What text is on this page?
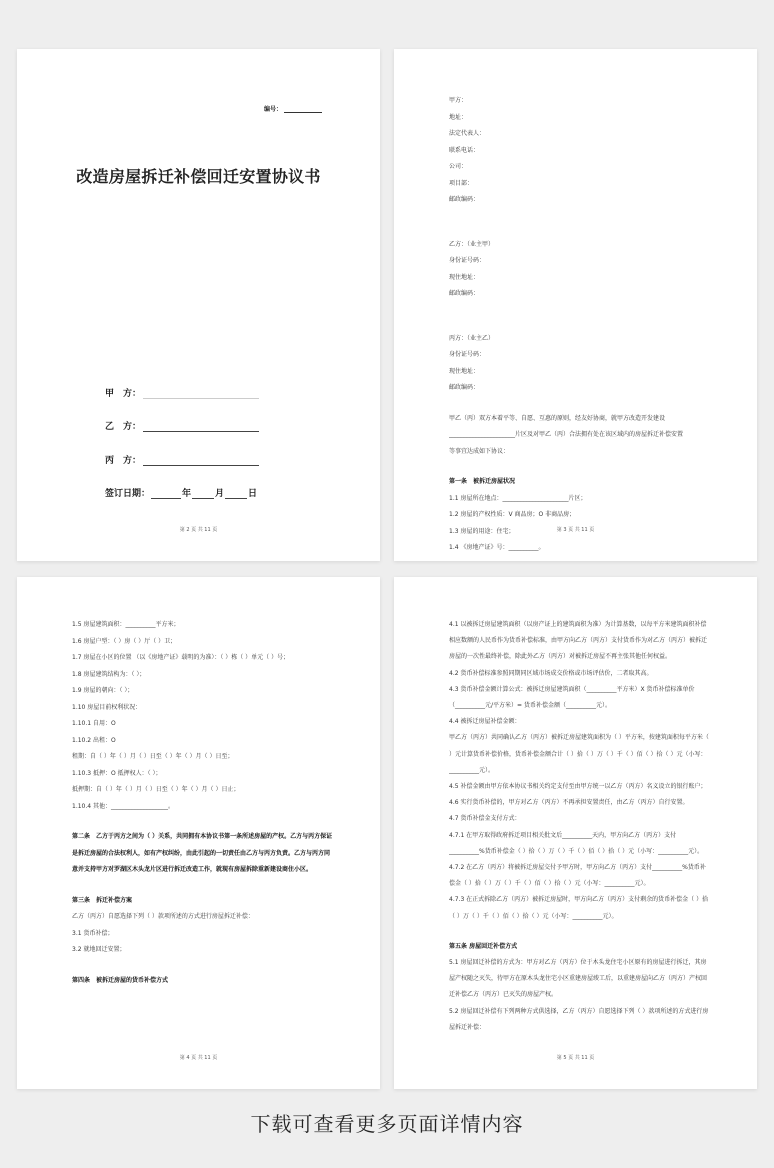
编号：
改造房屋拆迁补偿回迁安置协议书
甲　方：
乙　方：
丙　方：
签订日期：	年	月	日
第 2 页 共 11 页
甲方：
地址：
法定代表人：
联系电话：
公司：
项目部：
邮政编码：
乙方：（业主甲）
身份证号码：
现住地址：
邮政编码：
丙方：（业主乙）
身份证号码：
现住地址：
邮政编码：
甲乙（丙）双方本着平等、自愿、互惠的原则，经友好协商，就甲方改造开发建设
______________________片区及对甲乙（丙）合法拥有处在该区域内的房屋拆迁补偿安置
等事宜达成如下协议：
第一条　被拆迁房屋状况
1.1 房屋所在地点：______________________片区；
1.2 房屋的产权性质：V 商品房；O 非商品房；
1.3 房屋的用途：住宅；
1.4 《房地产证》号：__________。
第 3 页 共 11 页
1.5 房屋建筑面积：__________平方米；
1.6 房屋户型：（ ）房（ ）厅（ ）卫；
1.7 房屋在小区的位置 （以《房地产证》载明的为准）：（ ）栋（ ）单元（ ）号；
1.8 房屋建筑结构为：（ ）；
1.9 房屋的朝向：（ ）；
1.10 房屋目前权利状况：
1.10.1 自用：O
1.10.2 出租：O
租期：自（ ）年（ ）月（ ）日至（ ）年（ ）月（ ）日至；
1.10.3 抵押：O 抵押权人：（ ）；
抵押期：自（ ）年（ ）月（ ）日至（ ）年（ ）月（ ）日止；
1.10.4 其他：___________________。
第二条　乙方于丙方之间为（ ）关系，共同拥有本协议书第一条所述房屋的产权。乙方与丙方保证是拆迁房屋的合法权利人，如有产权纠纷，由此引起的一切责任由乙方与丙方负责。乙方与丙方同意并支持甲方对罗湖区木头龙片区进行拆迁改造工作，就现有房屋拆除重新建设商住小区。
第三条　拆迁补偿方案
乙方（丙方）自愿选择下列（ ）款项所述的方式进行房屋拆迁补偿：
3.1 货币补偿；
3.2 就地回迁安置；
第四条　被拆迁房屋的货币补偿方式
第 4 页 共 11 页
4.1 以被拆迁房屋建筑面积（以房产证上的建筑面积为准）为计算基数，以每平方米建筑面积补偿相应数额的人民币作为货币补偿标准，由甲方向乙方（丙方）支付货币作为对乙方（丙方）被拆迁房屋的一次性最终补偿，除此外乙方（丙方）对被拆迁房屋不再主张其他任何权益。
4.2 货币补偿标准参照同期同区域市场成交价格或市场评估价，二者取其高。
4.3 货币补偿金额计算公式：被拆迁房屋建筑面积（__________平方米）X 货币补偿标准单价（__________元/平方米）= 货币补偿金额（__________元）。
4.4 被拆迁房屋补偿金额：
甲乙方（丙方）共同确认乙方（丙方）被拆迁房屋建筑面积为（ ）平方米，按建筑面积每平方米（ ）元计算货币补偿价格，货币补偿金额合计（ ）拾（ ）万（ ）千（ ）佰（ ）拾（ ）元（小写：__________元）。
4.5 补偿金额由甲方依本协议书相关约定支付至由甲方统一以乙方（丙方）名义设立的银行账户；
4.6 实行货币补偿的，甲方对乙方（丙方）不再承担安置责任，由乙方（丙方）自行安置。
4.7 货币补偿金支付方式：
4.7.1 在甲方取得政府拆迁项目相关批文后__________天内，甲方向乙方（丙方）支付__________%货币补偿金（ ）拾（ ）万（ ）千（ ）佰（ ）拾（ ）元（小写：__________元）。
4.7.2 在乙方（丙方）将被拆迁房屋交付予甲方时，甲方向乙方（丙方）支付__________%货币补偿金（ ）拾（ ）万（ ）千（ ）佰（ ）拾（ ）元（小写：__________元）。
4.7.3 在正式拆除乙方（丙方）被拆迁房屋时，甲方向乙方（丙方）支付剩余的货币补偿金（ ）拾（ ）万（ ）千（ ）佰（ ）拾（ ）元（小写：__________元）。
第五条 房屋回迁补偿方式
5.1 房屋回迁补偿的方式为：甲方对乙方（丙方）位于木头龙住宅小区原有的房屋进行拆迁，其房屋产权随之灭失，待甲方在原木头龙住宅小区重建房屋竣工后，以重建房屋向乙方（丙方）产权回迁补偿乙方（丙方）已灭失的房屋产权。
5.2 房屋回迁补偿有下列两种方式供选择，乙方（丙方）自愿选择下列（ ）款项所述的方式进行房屋拆迁补偿：
第 5 页 共 11 页
下载可查看更多页面详情内容
